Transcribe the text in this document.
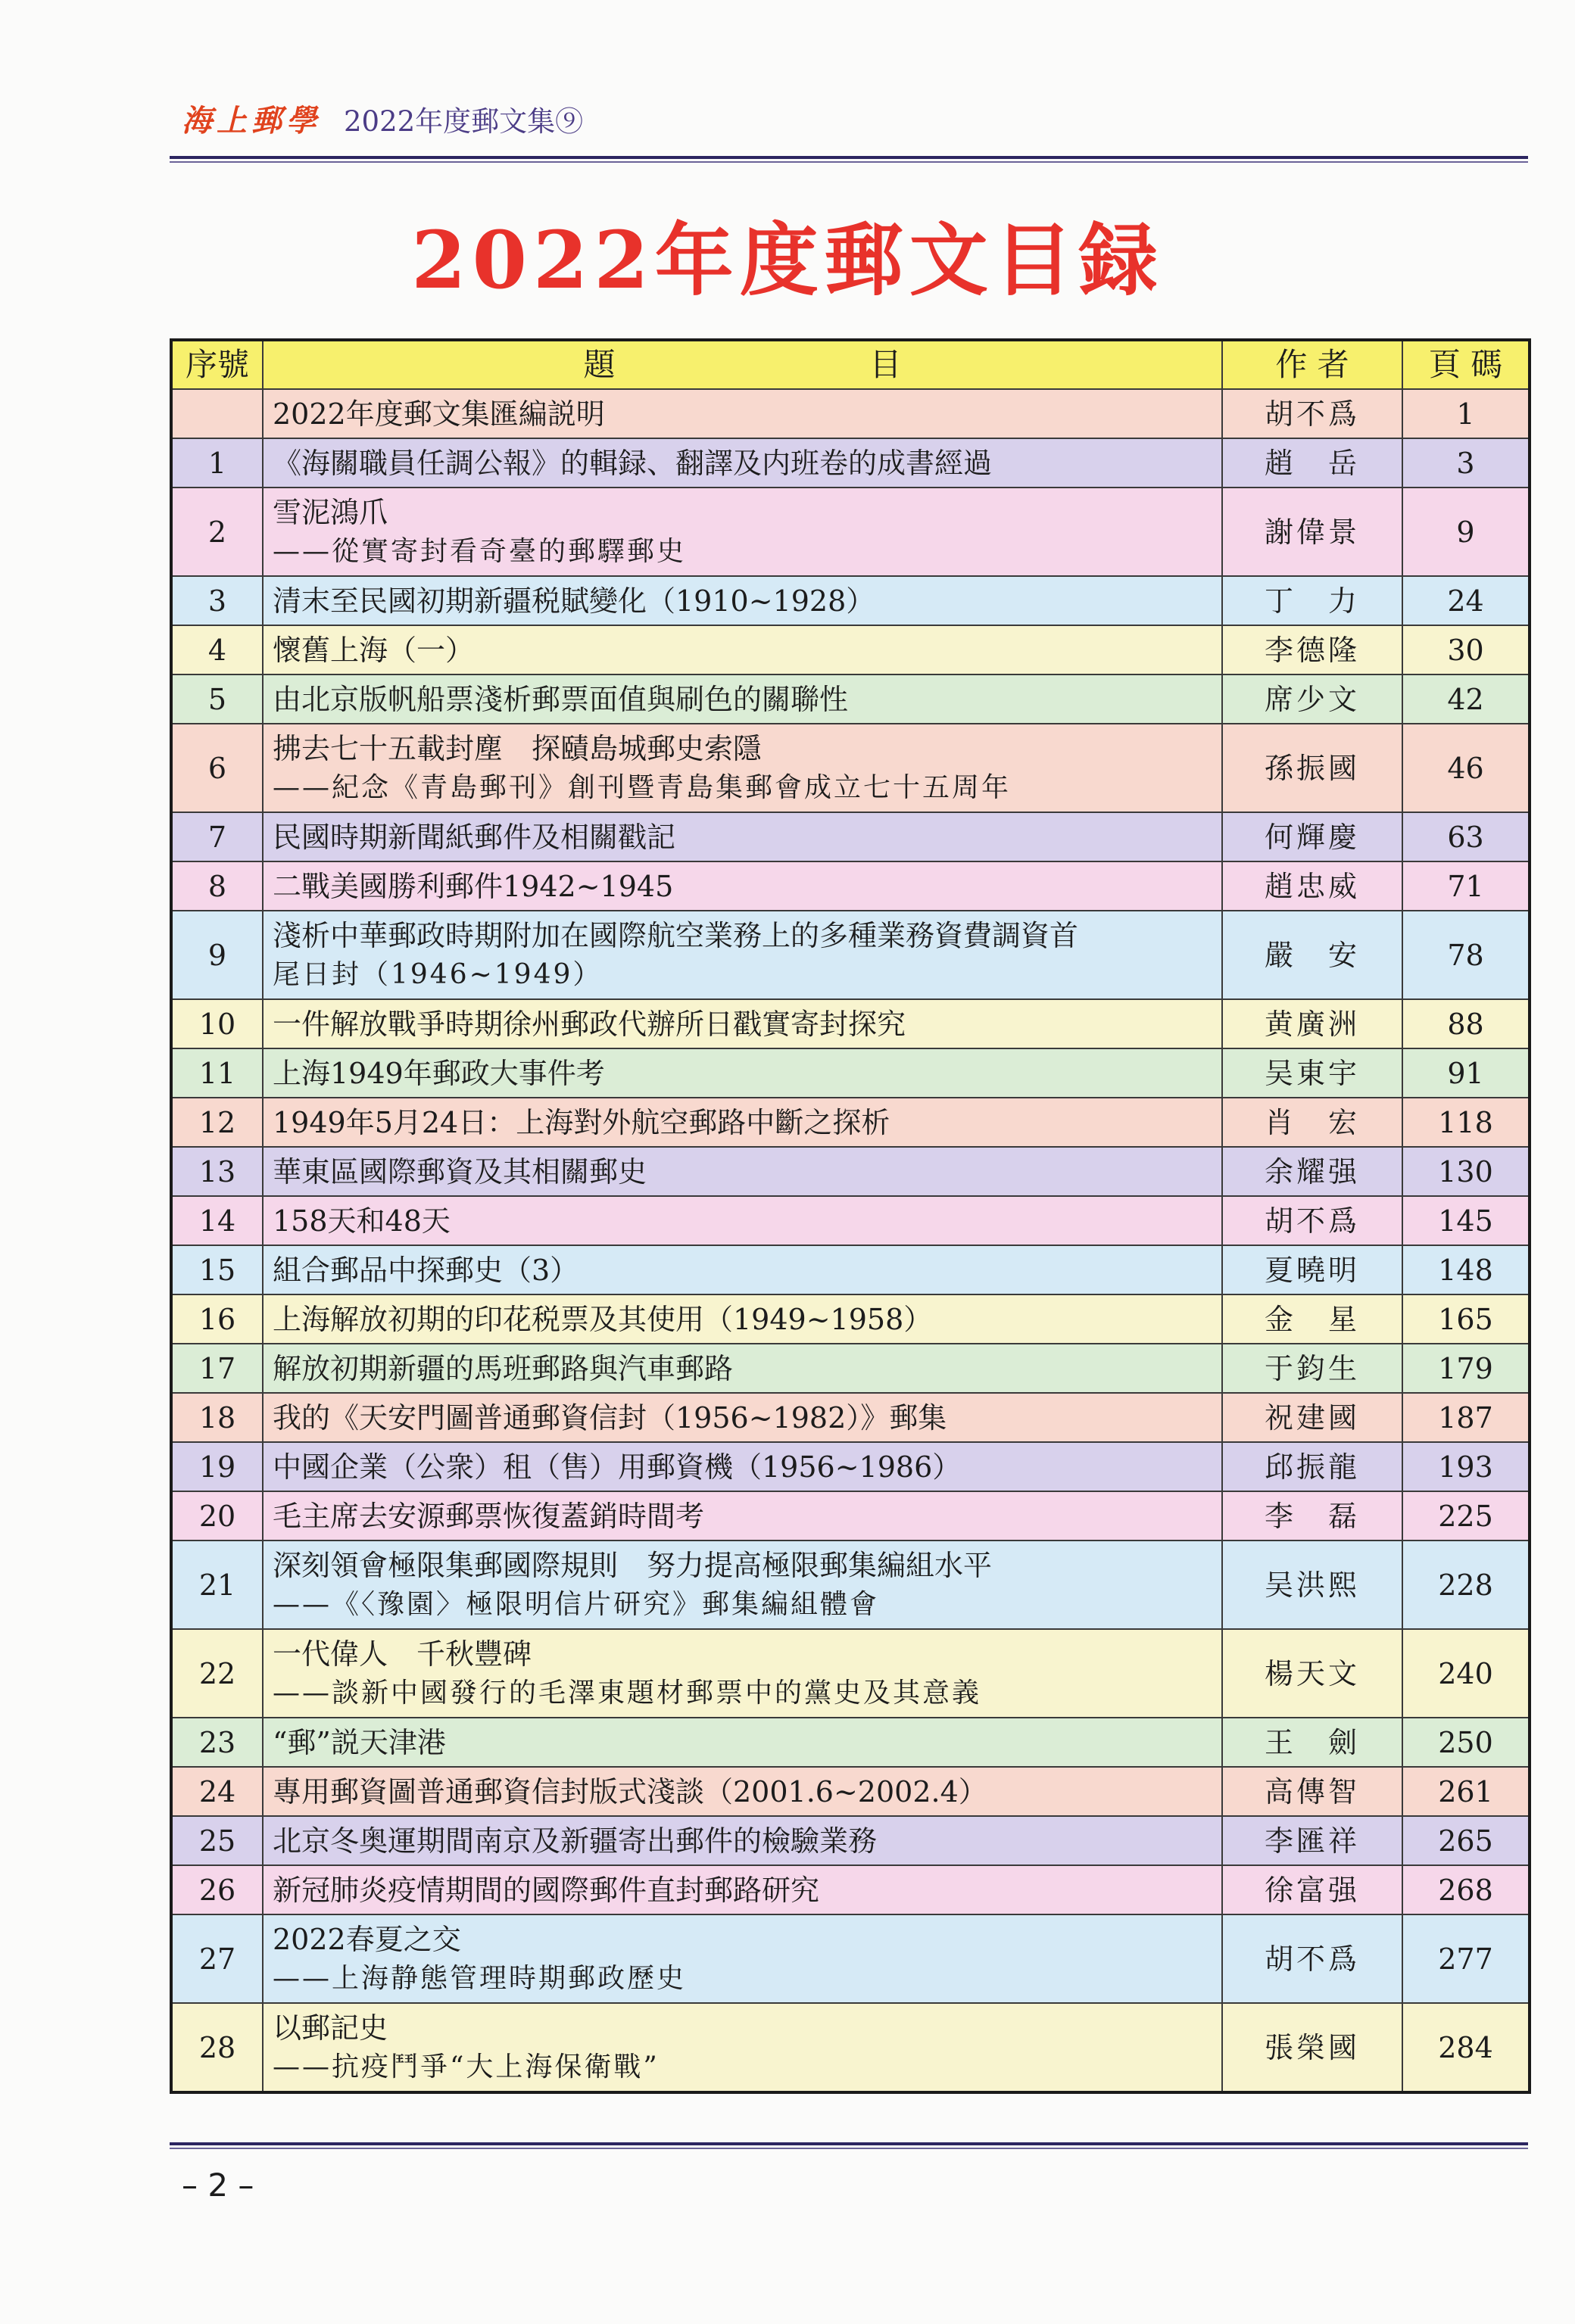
海上郵學 2022年度郵文集⑨
2022年度郵文目録
序號	題　　　　　　　　目	作 者	頁 碼

	2022年度郵文集匯編説明	胡不爲	1
1	《海關職員任調公報》的輯録、翻譯及内班卷的成書經過	趙　岳	3
2	雪泥鴻爪
——從實寄封看奇臺的郵驛郵史	謝偉景	9
3	清末至民國初期新疆税賦變化（1910~1928）	丁　力	24
4	懷舊上海（一）	李德隆	30
5	由北京版帆船票淺析郵票面值與刷色的關聯性	席少文	42
6	拂去七十五載封塵　探賾島城郵史索隱
——紀念《青島郵刊》創刊暨青島集郵會成立七十五周年	孫振國	46
7	民國時期新聞紙郵件及相關戳記	何輝慶	63
8	二戰美國勝利郵件1942~1945	趙忠威	71
9	淺析中華郵政時期附加在國際航空業務上的多種業務資費調資首
尾日封（1946~1949）	嚴　安	78
10	一件解放戰爭時期徐州郵政代辦所日戳實寄封探究	黄廣洲	88
11	上海1949年郵政大事件考	吴東宇	91
12	1949年5月24日：上海對外航空郵路中斷之探析	肖　宏	118
13	華東區國際郵資及其相關郵史	余耀强	130
14	158天和48天	胡不爲	145
15	組合郵品中探郵史（3）	夏曉明	148
16	上海解放初期的印花税票及其使用（1949~1958）	金　星	165
17	解放初期新疆的馬班郵路與汽車郵路	于鈞生	179
18	我的《天安門圖普通郵資信封（1956~1982）》郵集	祝建國	187
19	中國企業（公衆）租（售）用郵資機（1956~1986）	邱振龍	193
20	毛主席去安源郵票恢復蓋銷時間考	李　磊	225
21	深刻領會極限集郵國際規則　努力提高極限郵集編組水平
——《〈豫園〉極限明信片研究》郵集編組體會	吴洪熙	228
22	一代偉人　千秋豐碑
——談新中國發行的毛澤東題材郵票中的黨史及其意義	楊天文	240
23	“郵”説天津港	王　劍	250
24	專用郵資圖普通郵資信封版式淺談（2001.6~2002.4）	高傳智	261
25	北京冬奥運期間南京及新疆寄出郵件的檢驗業務	李匯祥	265
26	新冠肺炎疫情期間的國際郵件直封郵路研究	徐富强	268
27	2022春夏之交
——上海静態管理時期郵政歷史	胡不爲	277
28	以郵記史
——抗疫鬥爭“大上海保衛戰”	張榮國	284
– 2 –
